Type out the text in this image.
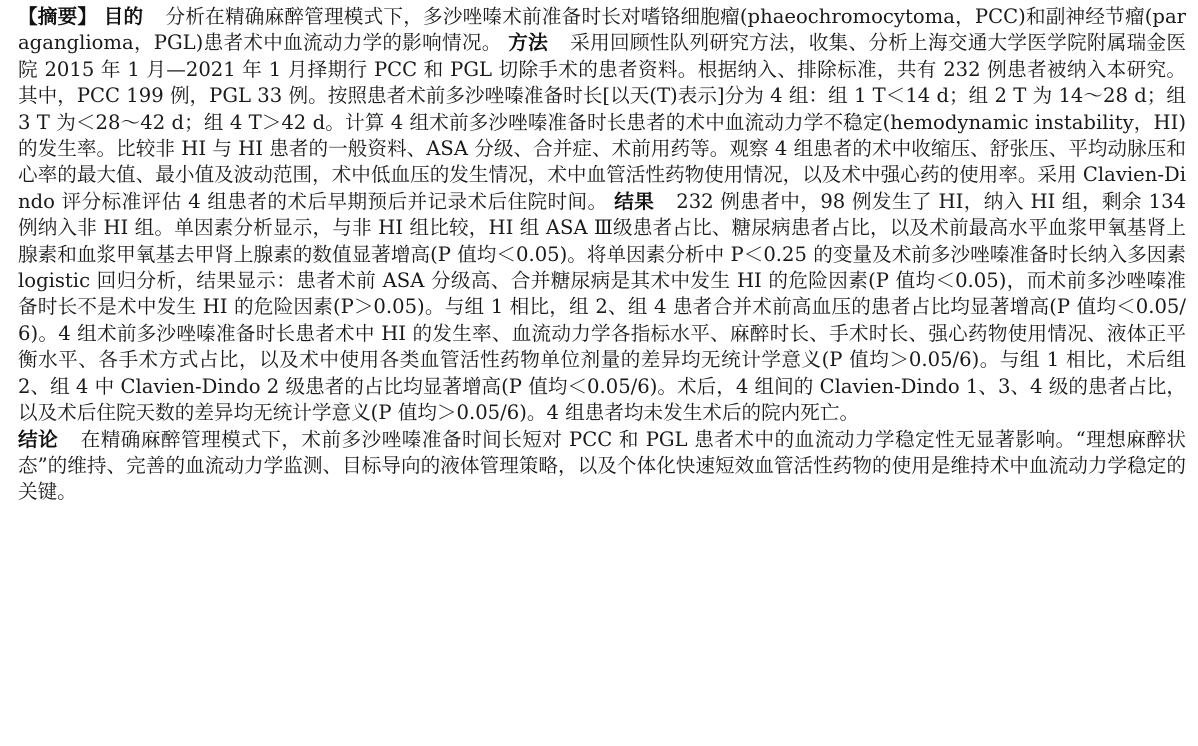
【摘要】 目的 分析在精确麻醉管理模式下，多沙唑嗪术前准备时长对嗜铬细胞瘤(phaeochromocytoma，PCC)和副神经节瘤(paraganglioma，PGL)患者术中血流动力学的影响情况。 方法 采用回顾性队列研究方法，收集、分析上海交通大学医学院附属瑞金医院 2015 年 1 月—2021 年 1 月择期行 PCC 和 PGL 切除手术的患者资料。根据纳入、排除标准，共有 232 例患者被纳入本研究。其中，PCC 199 例，PGL 33 例。按照患者术前多沙唑嗪准备时长[以天(T)表示]分为 4 组：组 1 T＜14 d；组 2 T 为 14～28 d；组 3 T 为＜28～42 d；组 4 T＞42 d。计算 4 组术前多沙唑嗪准备时长患者的术中血流动力学不稳定(hemodynamic instability，HI)的发生率。比较非 HI 与 HI 患者的一般资料、ASA 分级、合并症、术前用药等。观察 4 组患者的术中收缩压、舒张压、平均动脉压和心率的最大值、最小值及波动范围，术中低血压的发生情况，术中血管活性药物使用情况，以及术中强心药的使用率。采用 Clavien-Dindo 评分标准评估 4 组患者的术后早期预后并记录术后住院时间。 结果 232 例患者中，98 例发生了 HI，纳入 HI 组，剩余 134 例纳入非 HI 组。单因素分析显示，与非 HI 组比较，HI 组 ASA Ⅲ级患者占比、糖尿病患者占比，以及术前最高水平血浆甲氧基肾上腺素和血浆甲氧基去甲肾上腺素的数值显著增高(P 值均＜0.05)。将单因素分析中 P＜0.25 的变量及术前多沙唑嗪准备时长纳入多因素 logistic 回归分析，结果显示：患者术前 ASA 分级高、合并糖尿病是其术中发生 HI 的危险因素(P 值均＜0.05)，而术前多沙唑嗪准备时长不是术中发生 HI 的危险因素(P＞0.05)。与组 1 相比，组 2、组 4 患者合并术前高血压的患者占比均显著增高(P 值均＜0.05/6)。4 组术前多沙唑嗪准备时长患者术中 HI 的发生率、血流动力学各指标水平、麻醉时长、手术时长、强心药物使用情况、液体正平衡水平、各手术方式占比，以及术中使用各类血管活性药物单位剂量的差异均无统计学意义(P 值均＞0.05/6)。与组 1 相比，术后组 2、组 4 中 Clavien-Dindo 2 级患者的占比均显著增高(P 值均＜0.05/6)。术后，4 组间的 Clavien-Dindo 1、3、4 级的患者占比，以及术后住院天数的差异均无统计学意义(P 值均＞0.05/6)。4 组患者均未发生术后的院内死亡。
结论 在精确麻醉管理模式下，术前多沙唑嗪准备时间长短对 PCC 和 PGL 患者术中的血流动力学稳定性无显著影响。“理想麻醉状态”的维持、完善的血流动力学监测、目标导向的液体管理策略，以及个体化快速短效血管活性药物的使用是维持术中血流动力学稳定的关键。
